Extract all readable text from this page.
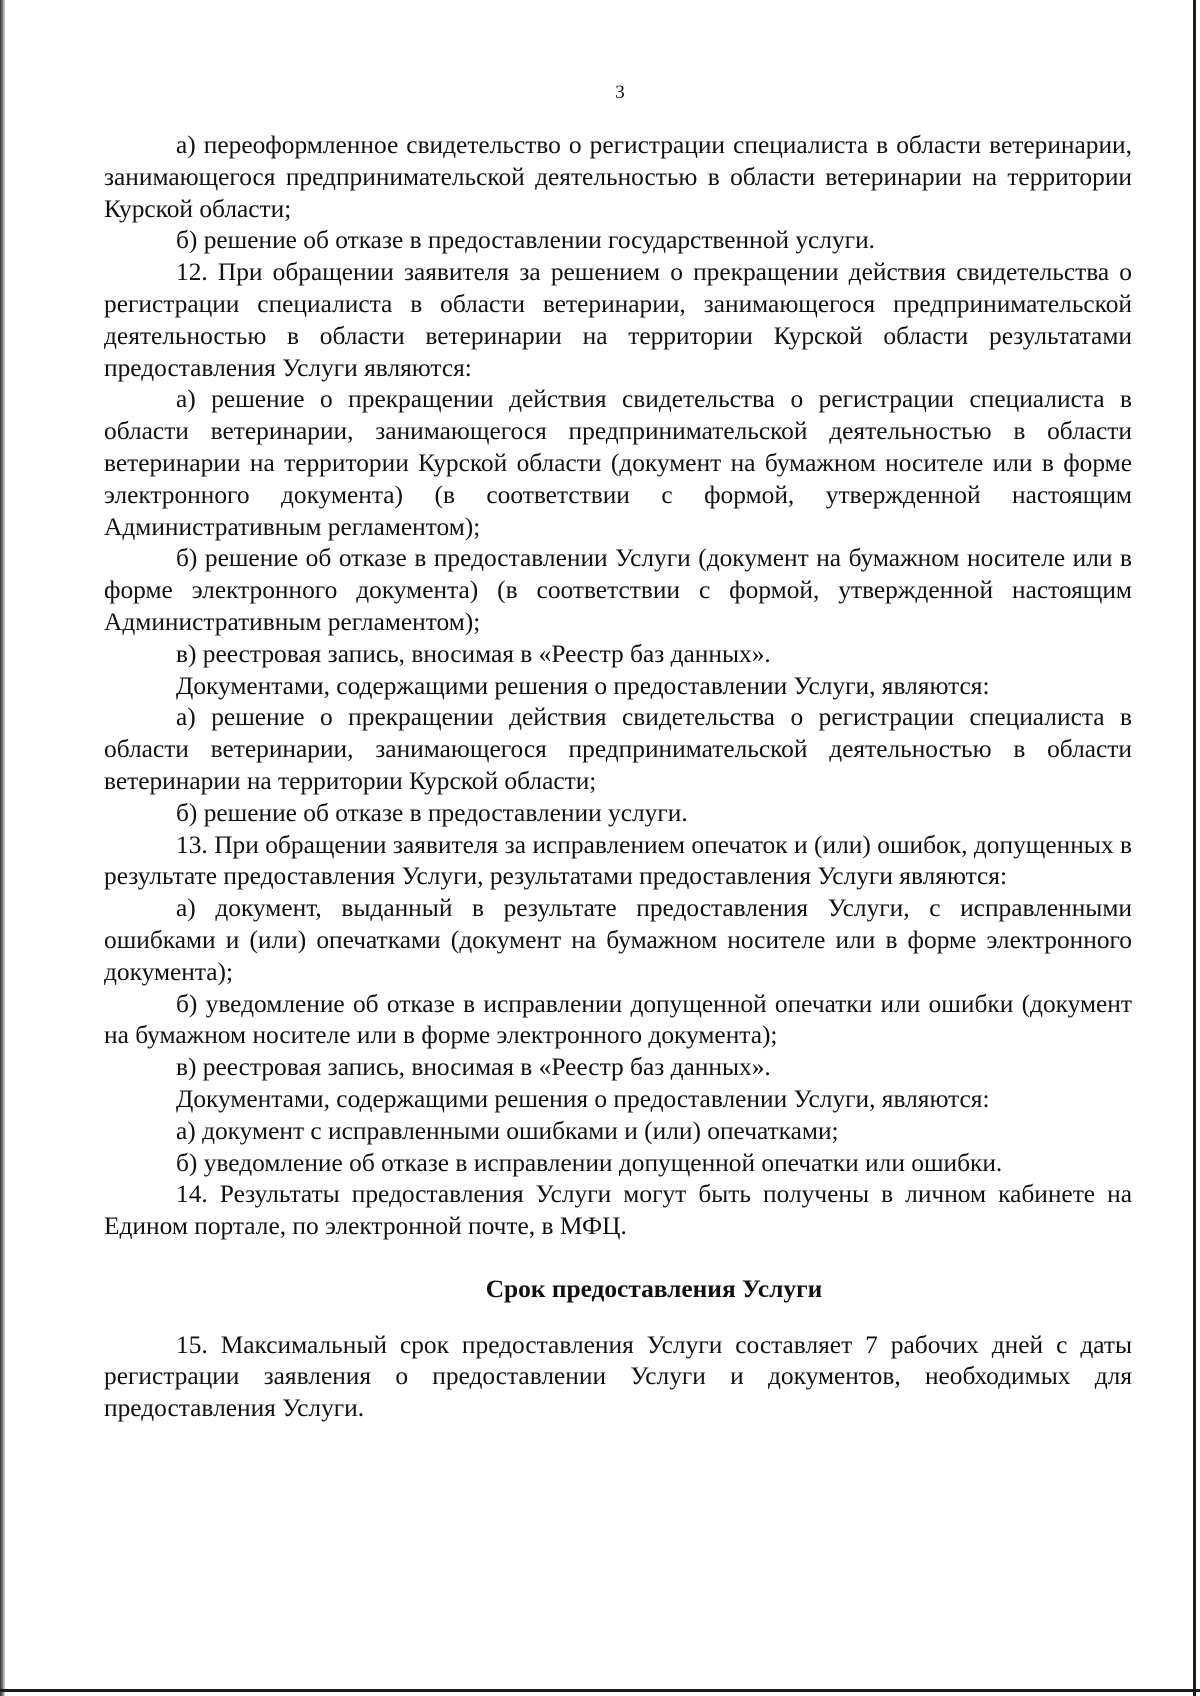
3

а) переоформленное свидетельство о регистрации специалиста в области ветеринарии, занимающегося предпринимательской деятельностью в области ветеринарии на территории Курской области;

б) решение об отказе в предоставлении государственной услуги.

12. При обращении заявителя за решением о прекращении действия свидетельства о регистрации специалиста в области ветеринарии, занимающегося предпринимательской деятельностью в области ветеринарии на территории Курской области результатами предоставления Услуги являются:

а) решение о прекращении действия свидетельства о регистрации специалиста в области ветеринарии, занимающегося предпринимательской деятельностью в области ветеринарии на территории Курской области (документ на бумажном носителе или в форме электронного документа) (в соответствии с формой, утвержденной настоящим Административным регламентом);

б) решение об отказе в предоставлении Услуги (документ на бумажном носителе или в форме электронного документа) (в соответствии с формой, утвержденной настоящим Административным регламентом);

в) реестровая запись, вносимая в «Реестр баз данных».

Документами, содержащими решения о предоставлении Услуги, являются:

а) решение о прекращении действия свидетельства о регистрации специалиста в области ветеринарии, занимающегося предпринимательской деятельностью в области ветеринарии на территории Курской области;

б) решение об отказе в предоставлении услуги.

13. При обращении заявителя за исправлением опечаток и (или) ошибок, допущенных в результате предоставления Услуги, результатами предоставления Услуги являются:

а) документ, выданный в результате предоставления Услуги, с исправленными ошибками и (или) опечатками (документ на бумажном носителе или в форме электронного документа);

б) уведомление об отказе в исправлении допущенной опечатки или ошибки (документ на бумажном носителе или в форме электронного документа);

в) реестровая запись, вносимая в «Реестр баз данных».

Документами, содержащими решения о предоставлении Услуги, являются:

а) документ с исправленными ошибками и (или) опечатками;

б) уведомление об отказе в исправлении допущенной опечатки или ошибки.

14. Результаты предоставления Услуги могут быть получены в личном кабинете на Едином портале, по электронной почте, в МФЦ.

Срок предоставления Услуги

15. Максимальный срок предоставления Услуги составляет 7 рабочих дней с даты регистрации заявления о предоставлении Услуги и документов, необходимых для предоставления Услуги.
